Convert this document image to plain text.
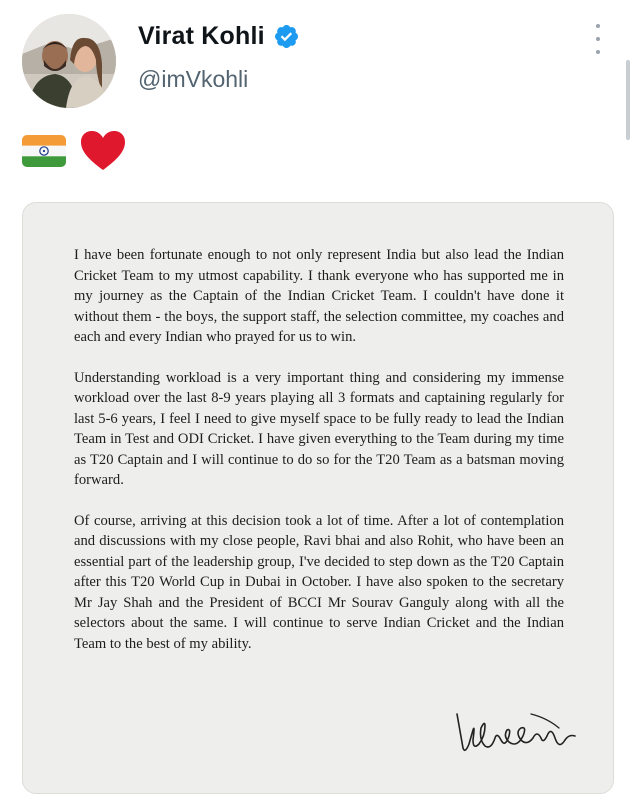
Virat Kohli
@imVkohli

I have been fortunate enough to not only represent India but also lead the Indian Cricket Team to my utmost capability. I thank everyone who has supported me in my journey as the Captain of the Indian Cricket Team. I couldn't have done it without them - the boys, the support staff, the selection committee, my coaches and each and every Indian who prayed for us to win.

Understanding workload is a very important thing and considering my immense workload over the last 8-9 years playing all 3 formats and captaining regularly for last 5-6 years, I feel I need to give myself space to be fully ready to lead the Indian Team in Test and ODI Cricket. I have given everything to the Team during my time as T20 Captain and I will continue to do so for the T20 Team as a batsman moving forward.

Of course, arriving at this decision took a lot of time. After a lot of contemplation and discussions with my close people, Ravi bhai and also Rohit, who have been an essential part of the leadership group, I've decided to step down as the T20 Captain after this T20 World Cup in Dubai in October. I have also spoken to the secretary Mr Jay Shah and the President of BCCI Mr Sourav Ganguly along with all the selectors about the same. I will continue to serve Indian Cricket and the Indian Team to the best of my ability.
